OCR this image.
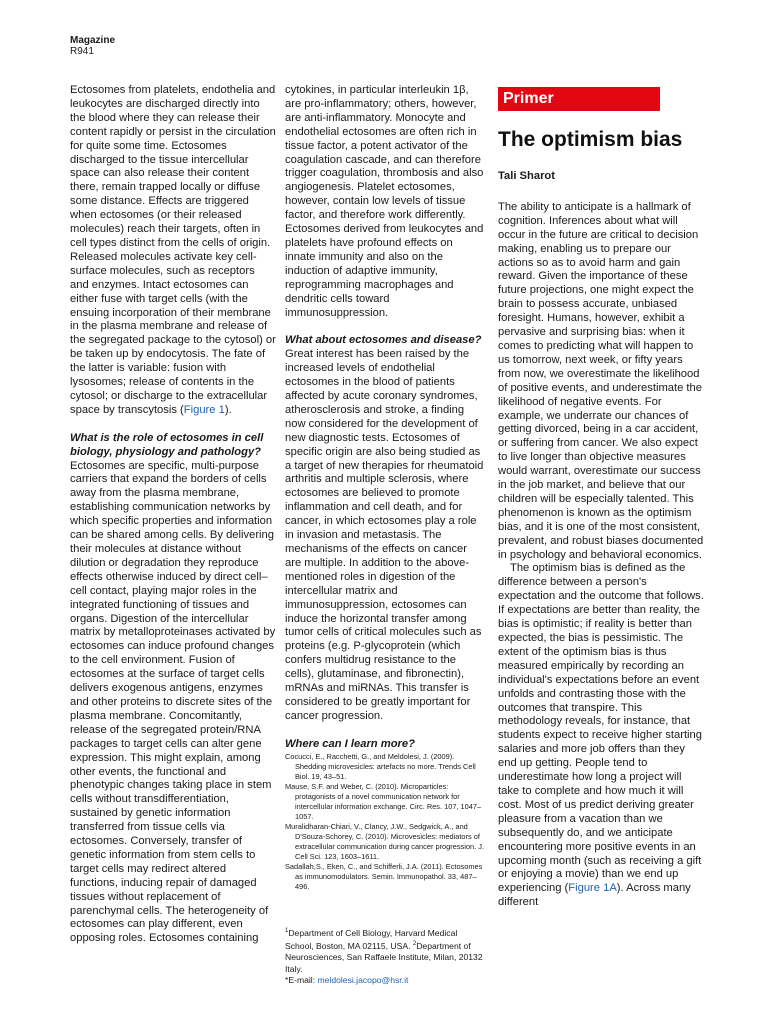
Magazine
R941

Ectosomes from platelets, endothelia and leukocytes are discharged directly into the blood where they can release their content rapidly or persist in the circulation for quite some time. Ectosomes discharged to the tissue intercellular space can also release their content there, remain trapped locally or diffuse some distance. Effects are triggered when ectosomes (or their released molecules) reach their targets, often in cell types distinct from the cells of origin. Released molecules activate key cell-surface molecules, such as receptors and enzymes. Intact ectosomes can either fuse with target cells (with the ensuing incorporation of their membrane in the plasma membrane and release of the segregated package to the cytosol) or be taken up by endocytosis. The fate of the latter is variable: fusion with lysosomes; release of contents in the cytosol; or discharge to the extracellular space by transcytosis (Figure 1).

What is the role of ectosomes in cell biology, physiology and pathology?

Ectosomes are specific, multi-purpose carriers that expand the borders of cells away from the plasma membrane, establishing communication networks by which specific properties and information can be shared among cells. By delivering their molecules at distance without dilution or degradation they reproduce effects otherwise induced by direct cell–cell contact, playing major roles in the integrated functioning of tissues and organs. Digestion of the intercellular matrix by metalloproteinases activated by ectosomes can induce profound changes to the cell environment. Fusion of ectosomes at the surface of target cells delivers exogenous antigens, enzymes and other proteins to discrete sites of the plasma membrane. Concomitantly, release of the segregated protein/RNA packages to target cells can alter gene expression. This might explain, among other events, the functional and phenotypic changes taking place in stem cells without transdifferentiation, sustained by genetic information transferred from tissue cells via ectosomes. Conversely, transfer of genetic information from stem cells to target cells may redirect altered functions, inducing repair of damaged tissues without replacement of parenchymal cells. The heterogeneity of ectosomes can play different, even opposing roles. Ectosomes containing

cytokines, in particular interleukin 1β, are pro-inflammatory; others, however, are anti-inflammatory. Monocyte and endothelial ectosomes are often rich in tissue factor, a potent activator of the coagulation cascade, and can therefore trigger coagulation, thrombosis and also angiogenesis. Platelet ectosomes, however, contain low levels of tissue factor, and therefore work differently. Ectosomes derived from leukocytes and platelets have profound effects on innate immunity and also on the induction of adaptive immunity, reprogramming macrophages and dendritic cells toward immunosuppression.

What about ectosomes and disease?

Great interest has been raised by the increased levels of endothelial ectosomes in the blood of patients affected by acute coronary syndromes, atherosclerosis and stroke, a finding now considered for the development of new diagnostic tests. Ectosomes of specific origin are also being studied as a target of new therapies for rheumatoid arthritis and multiple sclerosis, where ectosomes are believed to promote inflammation and cell death, and for cancer, in which ectosomes play a role in invasion and metastasis. The mechanisms of the effects on cancer are multiple. In addition to the above-mentioned roles in digestion of the intercellular matrix and immunosuppression, ectosomes can induce the horizontal transfer among tumor cells of critical molecules such as proteins (e.g. P-glycoprotein (which confers multidrug resistance to the cells), glutaminase, and fibronectin), mRNAs and miRNAs. This transfer is considered to be greatly important for cancer progression.

Where can I learn more?

Cocucci, E., Racchetti, G., and Meldolesi, J. (2009). Shedding microvesicles: artefacts no more. Trends Cell Biol. 19, 43–51.

Mause, S.F. and Weber, C. (2010). Microparticles: protagonists of a novel communication network for intercellular information exchange. Circ. Res. 107, 1047–1057.

Muralidharan-Chiari, V., Clancy, J.W., Sedgwick, A., and D'Souza-Schorey, C. (2010). Microvesicles: mediators of extracellular communication during cancer progression. J. Cell Sci. 123, 1603–1611.

Sadallah,S., Eken, C., and Schifferli, J.A. (2011). Ectosomes as immunomodulators. Semin. Immunopathol. 33, 487–496.

$^1$Department of Cell Biology, Harvard Medical School, Boston, MA 02115, USA. $^2$Department of Neurosciences, San Raffaele Institute, Milan, 20132 Italy.
*E-mail: meldolesi.jacopo@hsr.it
Primer
The optimism bias
Tali Sharot

The ability to anticipate is a hallmark of cognition. Inferences about what will occur in the future are critical to decision making, enabling us to prepare our actions so as to avoid harm and gain reward. Given the importance of these future projections, one might expect the brain to possess accurate, unbiased foresight. Humans, however, exhibit a pervasive and surprising bias: when it comes to predicting what will happen to us tomorrow, next week, or fifty years from now, we overestimate the likelihood of positive events, and underestimate the likelihood of negative events. For example, we underrate our chances of getting divorced, being in a car accident, or suffering from cancer. We also expect to live longer than objective measures would warrant, overestimate our success in the job market, and believe that our children will be especially talented. This phenomenon is known as the optimism bias, and it is one of the most consistent, prevalent, and robust biases documented in psychology and behavioral economics.

The optimism bias is defined as the difference between a person's expectation and the outcome that follows. If expectations are better than reality, the bias is optimistic; if reality is better than expected, the bias is pessimistic. The extent of the optimism bias is thus measured empirically by recording an individual's expectations before an event unfolds and contrasting those with the outcomes that transpire. This methodology reveals, for instance, that students expect to receive higher starting salaries and more job offers than they end up getting. People tend to underestimate how long a project will take to complete and how much it will cost. Most of us predict deriving greater pleasure from a vacation than we subsequently do, and we anticipate encountering more positive events in an upcoming month (such as receiving a gift or enjoying a movie) than we end up experiencing (Figure 1A). Across many different
